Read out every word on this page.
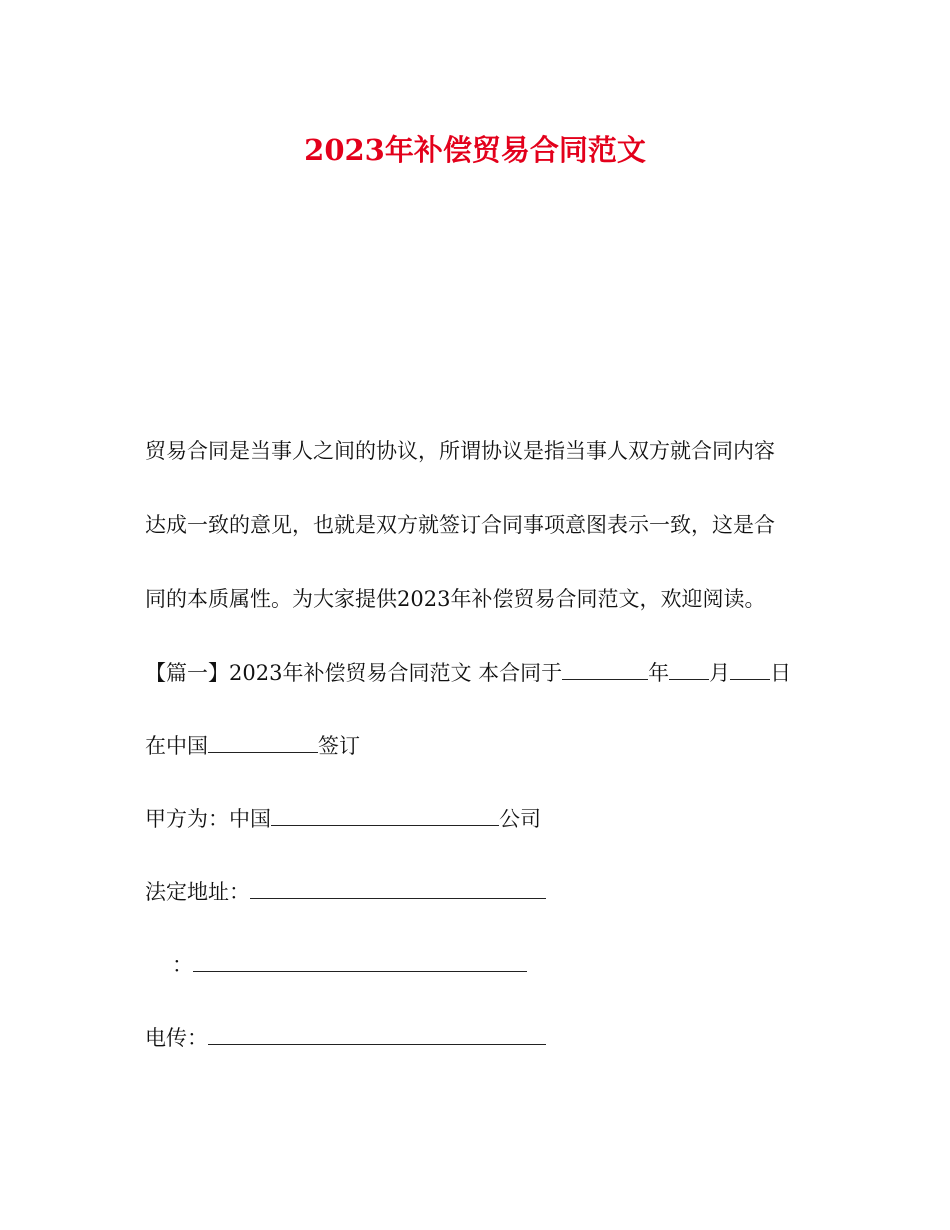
2023年补偿贸易合同范文
贸易合同是当事人之间的协议，所谓协议是指当事人双方就合同内容
达成一致的意见，也就是双方就签订合同事项意图表示一致，这是合
同的本质属性。为大家提供2023年补偿贸易合同范文，欢迎阅读。
【篇一】2023年补偿贸易合同范文 本合同于	年 月 日
在中国	签订
甲方为：中国	公司
法定地址：
：
电传：
